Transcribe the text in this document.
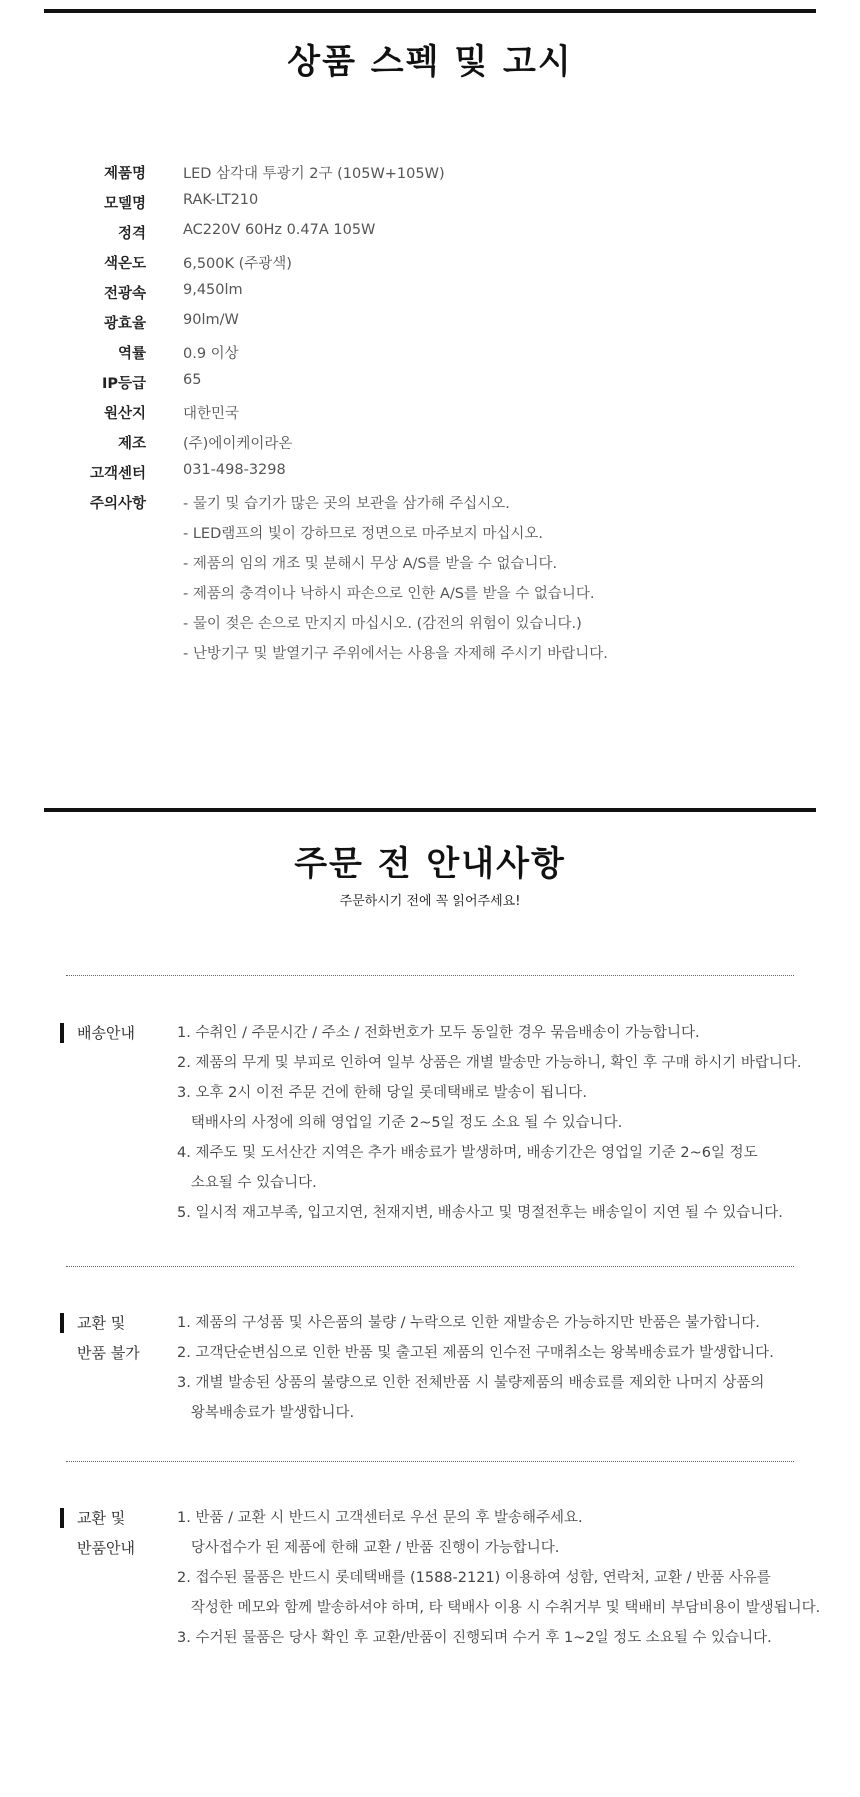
상품 스펙 및 고시
제품명	LED 삼각대 투광기 2구 (105W+105W)
모델명	RAK-LT210
정격	AC220V 60Hz 0.47A 105W
색온도	6,500K (주광색)
전광속	9,450lm
광효율	90lm/W
역률	0.9 이상
IP등급	65
원산지	대한민국
제조	(주)에이케이라온
고객센터	031-498-3298
주의사항	- 물기 및 습기가 많은 곳의 보관을 삼가해 주십시오.
- LED램프의 빛이 강하므로 정면으로 마주보지 마십시오.
- 제품의 임의 개조 및 분해시 무상 A/S를 받을 수 없습니다.
- 제품의 충격이나 낙하시 파손으로 인한 A/S를 받을 수 없습니다.
- 물이 젖은 손으로 만지지 마십시오. (감전의 위험이 있습니다.)
- 난방기구 및 발열기구 주위에서는 사용을 자제해 주시기 바랍니다.
주문 전 안내사항
주문하시기 전에 꼭 읽어주세요!
배송안내	1. 수취인 / 주문시간 / 주소 / 전화번호가 모두 동일한 경우 묶음배송이 가능합니다.
2. 제품의 무게 및 부피로 인하여 일부 상품은 개별 발송만 가능하니, 확인 후 구매 하시기 바랍니다.
3. 오후 2시 이전 주문 건에 한해 당일 롯데택배로 발송이 됩니다.
택배사의 사정에 의해 영업일 기준 2~5일 정도 소요 될 수 있습니다.
4. 제주도 및 도서산간 지역은 추가 배송료가 발생하며, 배송기간은 영업일 기준 2~6일 정도
소요될 수 있습니다.
5. 일시적 재고부족, 입고지연, 천재지변, 배송사고 및 명절전후는 배송일이 지연 될 수 있습니다.
교환 및
반품 불가
1. 제품의 구성품 및 사은품의 불량 / 누락으로 인한 재발송은 가능하지만 반품은 불가합니다.
2. 고객단순변심으로 인한 반품 및 출고된 제품의 인수전 구매취소는 왕복배송료가 발생합니다.
3. 개별 발송된 상품의 불량으로 인한 전체반품 시 불량제품의 배송료를 제외한 나머지 상품의
왕복배송료가 발생합니다.
교환 및
반품안내
1. 반품 / 교환 시 반드시 고객센터로 우선 문의 후 발송해주세요.
당사접수가 된 제품에 한해 교환 / 반품 진행이 가능합니다.
2. 접수된 물품은 반드시 롯데택배를 (1588-2121) 이용하여 성함, 연락처, 교환 / 반품 사유를
작성한 메모와 함께 발송하셔야 하며, 타 택배사 이용 시 수취거부 및 택배비 부담비용이 발생됩니다.
3. 수거된 물품은 당사 확인 후 교환/반품이 진행되며 수거 후 1~2일 정도 소요될 수 있습니다.
